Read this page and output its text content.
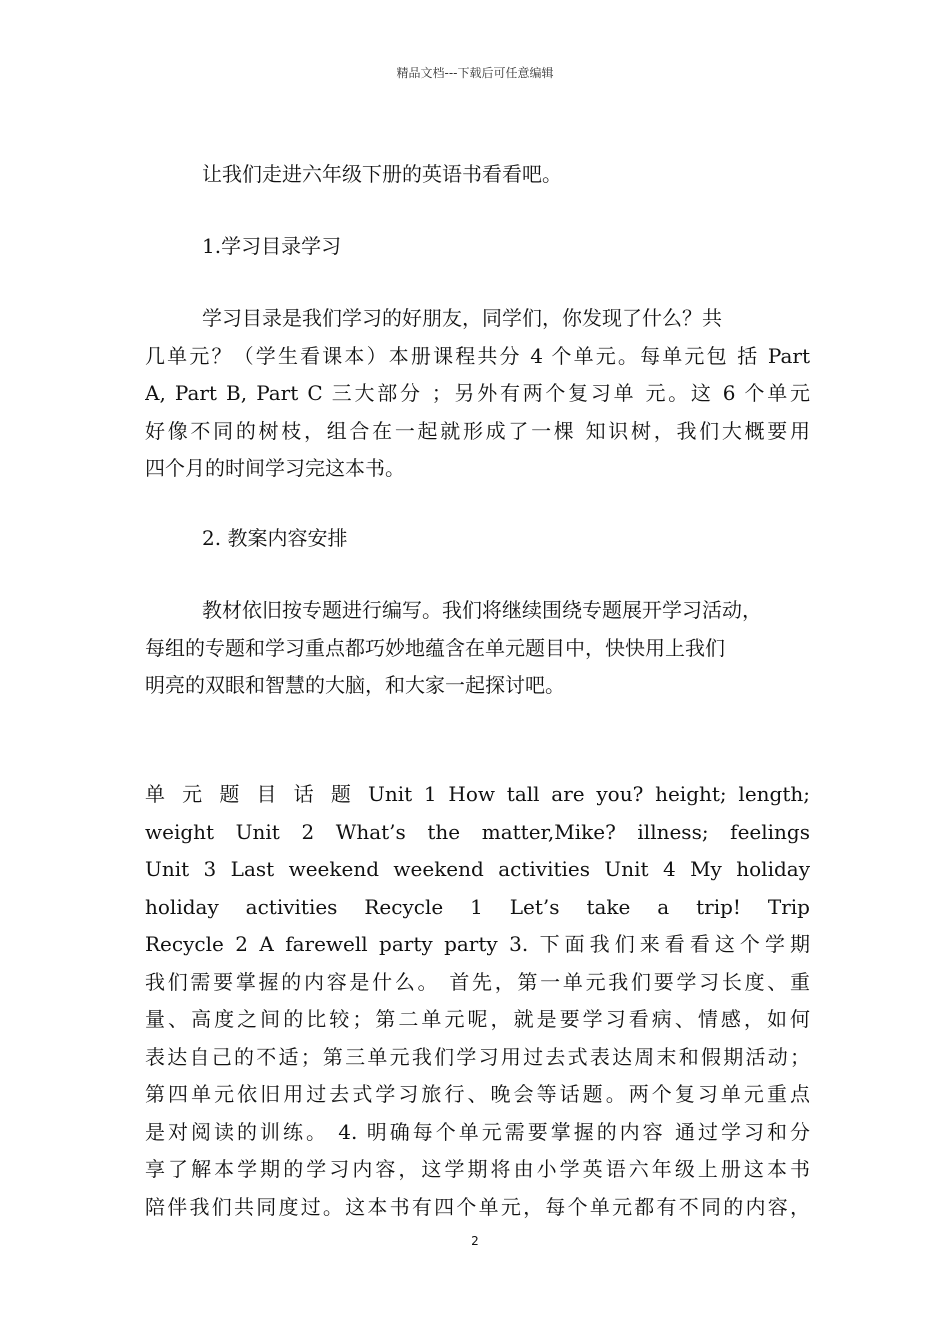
精品文档---下载后可任意编辑

让我们走进六年级下册的英语书看看吧。

1.学习目录学习

学习目录是我们学习的好朋友，同学们，你发现了什么？共
几单元？（学生看课本）本册课程共分 4 个单元。每单元包 括 Part
A, Part B, Part C 三大部分 ；另外有两个复习单 元。这 6 个单元
好像不同的树枝，组合在一起就形成了一棵 知识树，我们大概要用
四个月的时间学习完这本书。

2. 教案内容安排

教材依旧按专题进行编写。我们将继续围绕专题展开学习活动，
每组的专题和学习重点都巧妙地蕴含在单元题目中，快快用上我们
明亮的双眼和智慧的大脑，和大家一起探讨吧。
单 元 题 目 话 题 Unit 1 How tall are you? height; length;
weight Unit 2 What’s the matter,Mike? illness; feelings
Unit 3 Last weekend weekend activities Unit 4 My holiday
holiday activities Recycle 1 Let’s take a trip! Trip
Recycle 2 A farewell party party 3. 下面我们来看看这个学期
我们需要掌握的内容是什么。 首先，第一单元我们要学习长度、重
量、高度之间的比较；第二单元呢，就是要学习看病、情感，如何
表达自己的不适；第三单元我们学习用过去式表达周末和假期活动；
第四单元依旧用过去式学习旅行、晚会等话题。两个复习单元重点
是对阅读的训练。 4. 明确每个单元需要掌握的内容 通过学习和分
享了解本学期的学习内容，这学期将由小学英语六年级上册这本书
陪伴我们共同度过。这本书有四个单元，每个单元都有不同的内容，
2
